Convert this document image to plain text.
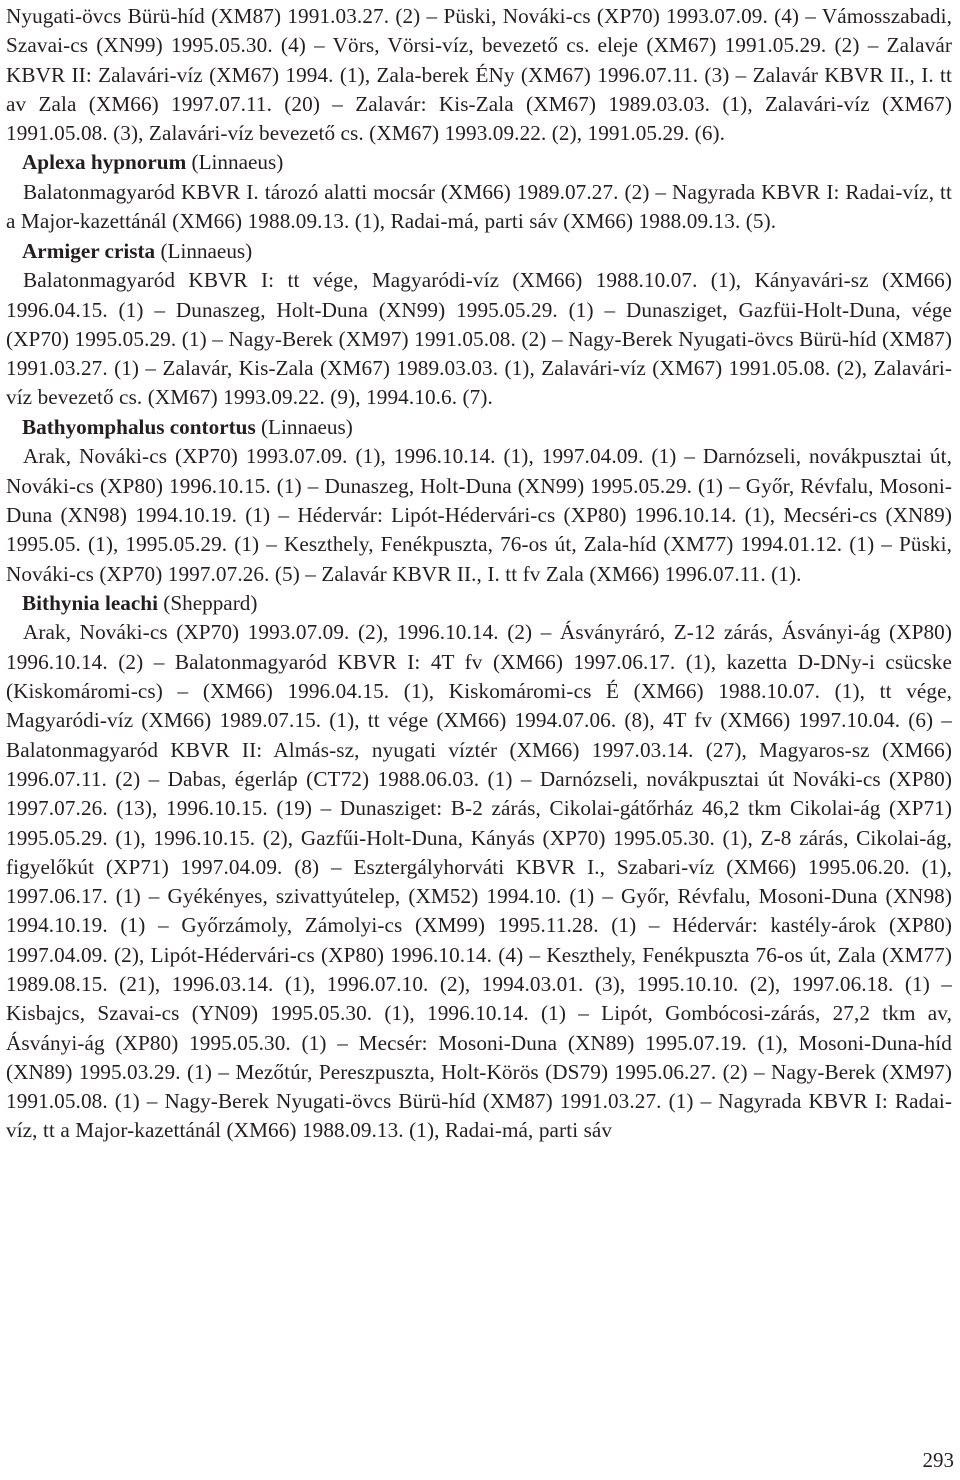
Nyugati-övcs Bürü-híd (XM87) 1991.03.27. (2) – Püski, Nováki-cs (XP70) 1993.07.09. (4) – Vámosszabadi, Szavai-cs (XN99) 1995.05.30. (4) – Vörs, Vörsi-víz, bevezető cs. eleje (XM67) 1991.05.29. (2) – Zalavár KBVR II: Zalavári-víz (XM67) 1994. (1), Zala-berek ÉNy (XM67) 1996.07.11. (3) – Zalavár KBVR II., I. tt av Zala (XM66) 1997.07.11. (20) – Zalavár: Kis-Zala (XM67) 1989.03.03. (1), Zalavári-víz (XM67) 1991.05.08. (3), Zalavári-víz bevezető cs. (XM67) 1993.09.22. (2), 1991.05.29. (6).

Aplexa hypnorum (Linnaeus)

Balatonmagyaród KBVR I. tározó alatti mocsár (XM66) 1989.07.27. (2) – Nagyrada KBVR I: Radai-víz, tt a Major-kazettánál (XM66) 1988.09.13. (1), Radai-má, parti sáv (XM66) 1988.09.13. (5).

Armiger crista (Linnaeus)

Balatonmagyaród KBVR I: tt vége, Magyaródi-víz (XM66) 1988.10.07. (1), Kányavári-sz (XM66) 1996.04.15. (1) – Dunaszeg, Holt-Duna (XN99) 1995.05.29. (1) – Dunasziget, Gazfüi-Holt-Duna, vége (XP70) 1995.05.29. (1) – Nagy-Berek (XM97) 1991.05.08. (2) – Nagy-Berek Nyugati-övcs Bürü-híd (XM87) 1991.03.27. (1) – Zalavár, Kis-Zala (XM67) 1989.03.03. (1), Zalavári-víz (XM67) 1991.05.08. (2), Zalavári-víz bevezető cs. (XM67) 1993.09.22. (9), 1994.10.6. (7).

Bathyomphalus contortus (Linnaeus)

Arak, Nováki-cs (XP70) 1993.07.09. (1), 1996.10.14. (1), 1997.04.09. (1) – Darnózseli, novákpusztai út, Nováki-cs (XP80) 1996.10.15. (1) – Dunaszeg, Holt-Duna (XN99) 1995.05.29. (1) – Győr, Révfalu, Mosoni-Duna (XN98) 1994.10.19. (1) – Hédervár: Lipót-Hédervári-cs (XP80) 1996.10.14. (1), Mecséri-cs (XN89) 1995.05. (1), 1995.05.29. (1) – Keszthely, Fenékpuszta, 76-os út, Zala-híd (XM77) 1994.01.12. (1) – Püski, Nováki-cs (XP70) 1997.07.26. (5) – Zalavár KBVR II., I. tt fv Zala (XM66) 1996.07.11. (1).

Bithynia leachi (Sheppard)

Arak, Nováki-cs (XP70) 1993.07.09. (2), 1996.10.14. (2) – Ásványráró, Z-12 zárás, Ásványi-ág (XP80) 1996.10.14. (2) – Balatonmagyaród KBVR I: 4T fv (XM66) 1997.06.17. (1), kazetta D-DNy-i csücske (Kiskomáromi-cs) – (XM66) 1996.04.15. (1), Kiskomáromi-cs É (XM66) 1988.10.07. (1), tt vége, Magyaródi-víz (XM66) 1989.07.15. (1), tt vége (XM66) 1994.07.06. (8), 4T fv (XM66) 1997.10.04. (6) – Balatonmagyaród KBVR II: Almás-sz, nyugati víztér (XM66) 1997.03.14. (27), Magyaros-sz (XM66) 1996.07.11. (2) – Dabas, égerláp (CT72) 1988.06.03. (1) – Darnózseli, novákpusztai út Nováki-cs (XP80) 1997.07.26. (13), 1996.10.15. (19) – Dunasziget: B-2 zárás, Cikolai-gátőrház 46,2 tkm Cikolai-ág (XP71) 1995.05.29. (1), 1996.10.15. (2), Gazfűi-Holt-Duna, Kányás (XP70) 1995.05.30. (1), Z-8 zárás, Cikolai-ág, figyelőkút (XP71) 1997.04.09. (8) – Esztergályhorváti KBVR I., Szabari-víz (XM66) 1995.06.20. (1), 1997.06.17. (1) – Gyékényes, szivattyútelep, (XM52) 1994.10. (1) – Győr, Révfalu, Mosoni-Duna (XN98) 1994.10.19. (1) – Győrzámoly, Zámolyi-cs (XM99) 1995.11.28. (1) – Hédervár: kastély-árok (XP80) 1997.04.09. (2), Lipót-Hédervári-cs (XP80) 1996.10.14. (4) – Keszthely, Fenékpuszta 76-os út, Zala (XM77) 1989.08.15. (21), 1996.03.14. (1), 1996.07.10. (2), 1994.03.01. (3), 1995.10.10. (2), 1997.06.18. (1) – Kisbajcs, Szavai-cs (YN09) 1995.05.30. (1), 1996.10.14. (1) – Lipót, Gombócosi-zárás, 27,2 tkm av, Ásványi-ág (XP80) 1995.05.30. (1) – Mecsér: Mosoni-Duna (XN89) 1995.07.19. (1), Mosoni-Duna-híd (XN89) 1995.03.29. (1) – Mezőtúr, Pereszpuszta, Holt-Körös (DS79) 1995.06.27. (2) – Nagy-Berek (XM97) 1991.05.08. (1) – Nagy-Berek Nyugati-övcs Bürü-híd (XM87) 1991.03.27. (1) – Nagyrada KBVR I: Radai-víz, tt a Major-kazettánál (XM66) 1988.09.13. (1), Radai-má, parti sáv

293
